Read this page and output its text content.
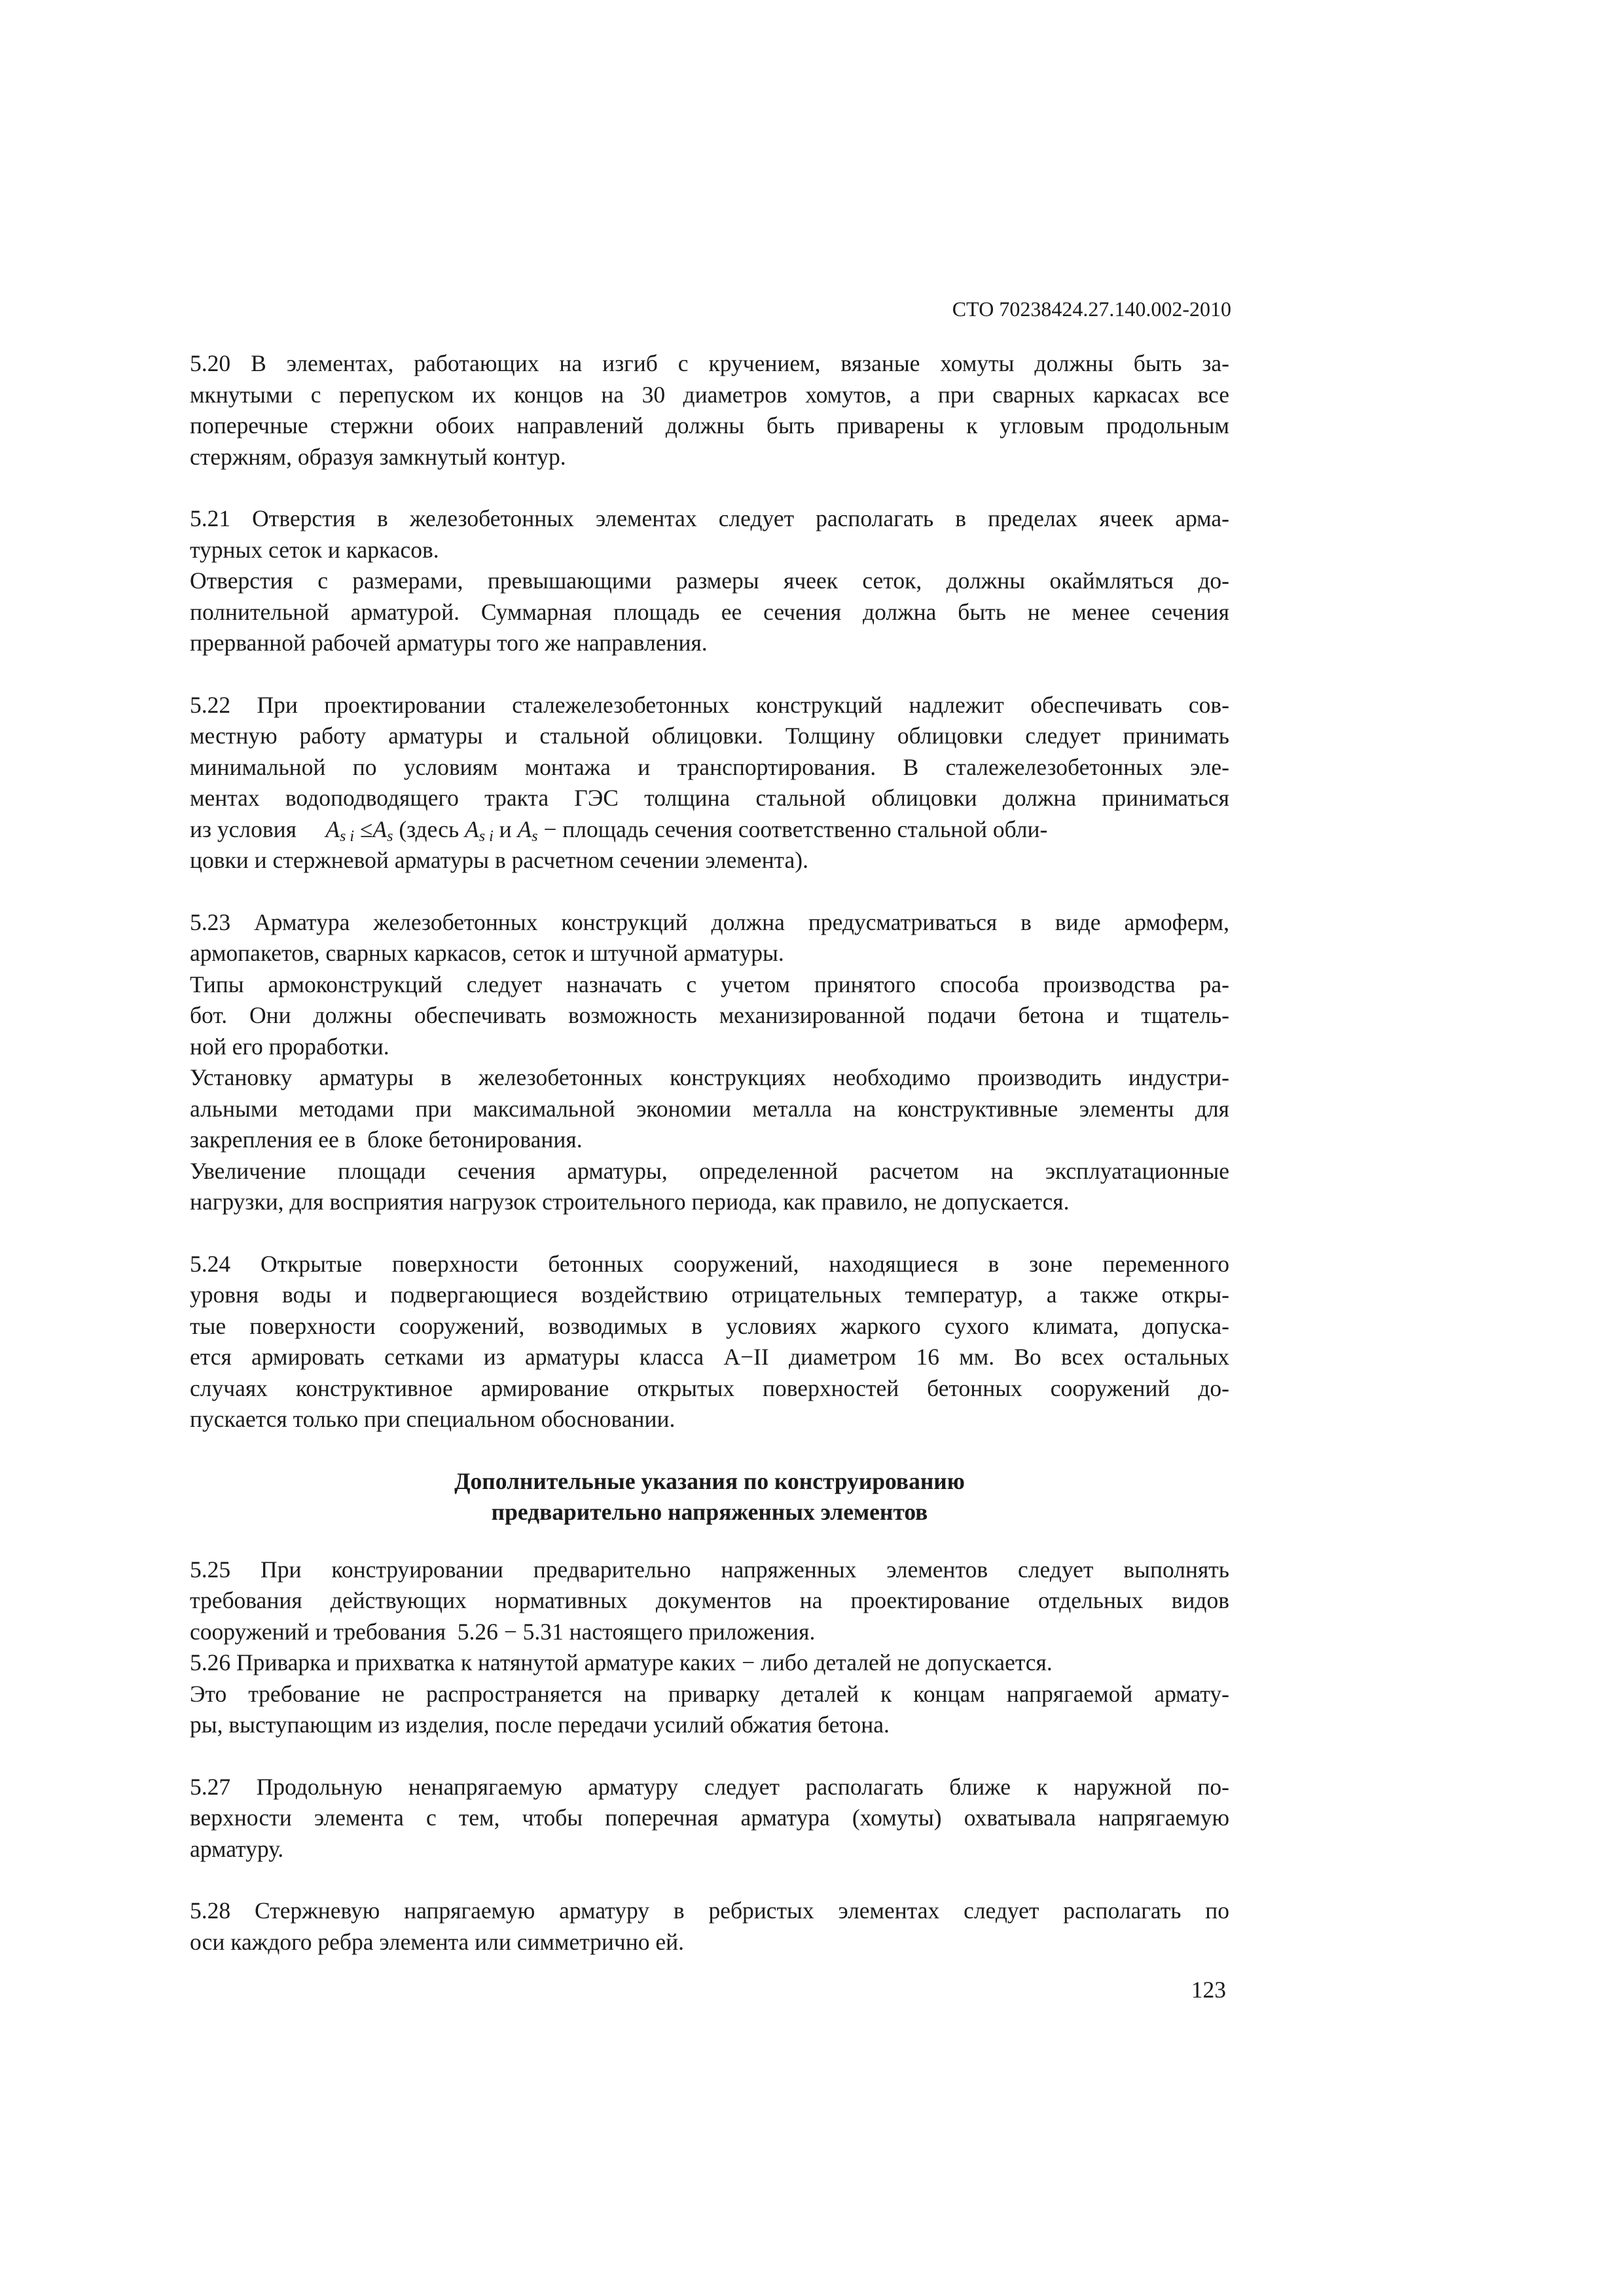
СТО 70238424.27.140.002-2010
5.20 В элементах, работающих на изгиб с кручением, вязаные хомуты должны быть за-
мкнутыми с перепуском их концов на 30 диаметров хомутов, а при сварных каркасах все
поперечные стержни обоих направлений должны быть приварены к угловым продольным
стержням, образуя замкнутый контур.
5.21 Отверстия в железобетонных элементах следует располагать в пределах ячеек арма-
турных сеток и каркасов.
Отверстия с размерами, превышающими размеры ячеек сеток, должны окаймляться до-
полнительной арматурой. Суммарная площадь ее сечения должна быть не менее сечения
прерванной рабочей арматуры того же направления.
5.22 При проектировании сталежелезобетонных конструкций надлежит обеспечивать сов-
местную работу арматуры и стальной облицовки. Толщину облицовки следует принимать
минимальной по условиям монтажа и транспортирования. В сталежелезобетонных эле-
ментах водоподводящего тракта ГЭС толщина стальной облицовки должна приниматься
из условия $A_{s i} \le A_s$ (здесь $A_{s i}$ и $A_s$ − площадь сечения соответственно стальной обли-
цовки и стержневой арматуры в расчетном сечении элемента).
5.23 Арматура железобетонных конструкций должна предусматриваться в виде армоферм,
армопакетов, сварных каркасов, сеток и штучной арматуры.
Типы армоконструкций следует назначать с учетом принятого способа производства ра-
бот. Они должны обеспечивать возможность механизированной подачи бетона и тщатель-
ной его проработки.
Установку арматуры в железобетонных конструкциях необходимо производить индустри-
альными методами при максимальной экономии металла на конструктивные элементы для
закрепления ее в  блоке бетонирования.
Увеличение площади сечения арматуры, определенной расчетом на эксплуатационные
нагрузки, для восприятия нагрузок строительного периода, как правило, не допускается.
5.24 Открытые поверхности бетонных сооружений, находящиеся в зоне переменного
уровня воды и подвергающиеся воздействию отрицательных температур, а также откры-
тые поверхности сооружений, возводимых в условиях жаркого сухого климата, допуска-
ется армировать сетками из арматуры класса А−II диаметром 16 мм. Во всех остальных
случаях конструктивное армирование открытых поверхностей бетонных сооружений до-
пускается только при специальном обосновании.
Дополнительные указания по конструированию
предварительно напряженных элементов
5.25 При конструировании предварительно напряженных элементов следует выполнять
требования действующих нормативных документов на проектирование отдельных видов
сооружений и требования  5.26 − 5.31 настоящего приложения.
5.26 Приварка и прихватка к натянутой арматуре каких − либо деталей не допускается.
Это требование не распространяется на приварку деталей к концам напрягаемой армату-
ры, выступающим из изделия, после передачи усилий обжатия бетона.
5.27 Продольную ненапрягаемую арматуру следует располагать ближе к наружной по-
верхности элемента с тем, чтобы поперечная арматура (хомуты) охватывала напрягаемую
арматуру.
5.28 Стержневую напрягаемую арматуру в ребристых элементах следует располагать по
оси каждого ребра элемента или симметрично ей.
123
